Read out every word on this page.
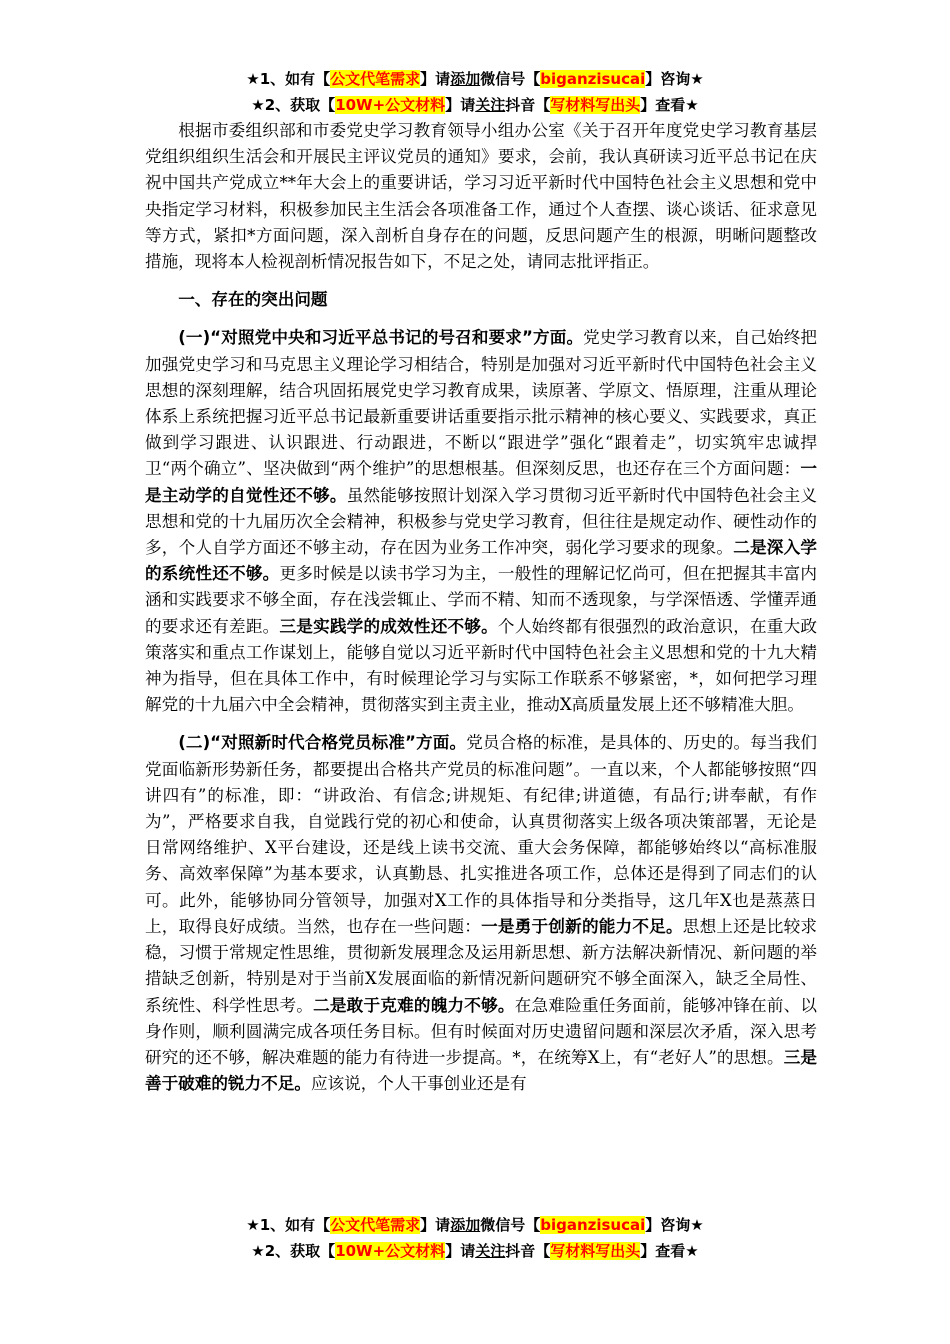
★1、如有【公文代笔需求】请添加微信号【biganzisucai】咨询★
★2、获取【10W+公文材料】请关注抖音【写材料写出头】查看★

根据市委组织部和市委党史学习教育领导小组办公室《关于召开年度党史学习教育基层党组织组织生活会和开展民主评议党员的通知》要求，会前，我认真研读习近平总书记在庆祝中国共产党成立**年大会上的重要讲话，学习习近平新时代中国特色社会主义思想和党中央指定学习材料，积极参加民主生活会各项准备工作，通过个人查摆、谈心谈话、征求意见等方式，紧扣*方面问题，深入剖析自身存在的问题，反思问题产生的根源，明晰问题整改措施，现将本人检视剖析情况报告如下，不足之处，请同志批评指正。

一、存在的突出问题

(一)“对照党中央和习近平总书记的号召和要求”方面。党史学习教育以来，自己始终把加强党史学习和马克思主义理论学习相结合，特别是加强对习近平新时代中国特色社会主义思想的深刻理解，结合巩固拓展党史学习教育成果，读原著、学原文、悟原理，注重从理论体系上系统把握习近平总书记最新重要讲话重要指示批示精神的核心要义、实践要求，真正做到学习跟进、认识跟进、行动跟进，不断以“跟进学”强化“跟着走”，切实筑牢忠诚捍卫“两个确立”、坚决做到“两个维护”的思想根基。但深刻反思，也还存在三个方面问题：一是主动学的自觉性还不够。虽然能够按照计划深入学习贯彻习近平新时代中国特色社会主义思想和党的十九届历次全会精神，积极参与党史学习教育，但往往是规定动作、硬性动作的多，个人自学方面还不够主动，存在因为业务工作冲突，弱化学习要求的现象。二是深入学的系统性还不够。更多时候是以读书学习为主，一般性的理解记忆尚可，但在把握其丰富内涵和实践要求不够全面，存在浅尝辄止、学而不精、知而不透现象，与学深悟透、学懂弄通的要求还有差距。三是实践学的成效性还不够。个人始终都有很强烈的政治意识，在重大政策落实和重点工作谋划上，能够自觉以习近平新时代中国特色社会主义思想和党的十九大精神为指导，但在具体工作中，有时候理论学习与实际工作联系不够紧密，*，如何把学习理解党的十九届六中全会精神，贯彻落实到主责主业，推动X高质量发展上还不够精准大胆。

(二)“对照新时代合格党员标准”方面。党员合格的标准，是具体的、历史的。每当我们党面临新形势新任务，都要提出合格共产党员的标准问题”。一直以来，个人都能够按照“四讲四有”的标准，即：“讲政治、有信念;讲规矩、有纪律;讲道德，有品行;讲奉献，有作为”，严格要求自我，自觉践行党的初心和使命，认真贯彻落实上级各项决策部署，无论是日常网络维护、X平台建设，还是线上读书交流、重大会务保障，都能够始终以“高标准服务、高效率保障”为基本要求，认真勤恳、扎实推进各项工作，总体还是得到了同志们的认可。此外，能够协同分管领导，加强对X工作的具体指导和分类指导，这几年X也是蒸蒸日上，取得良好成绩。当然，也存在一些问题：一是勇于创新的能力不足。思想上还是比较求稳，习惯于常规定性思维，贯彻新发展理念及运用新思想、新方法解决新情况、新问题的举措缺乏创新，特别是对于当前X发展面临的新情况新问题研究不够全面深入，缺乏全局性、系统性、科学性思考。二是敢于克难的魄力不够。在急难险重任务面前，能够冲锋在前、以身作则，顺利圆满完成各项任务目标。但有时候面对历史遗留问题和深层次矛盾，深入思考研究的还不够，解决难题的能力有待进一步提高。*，在统筹X上，有“老好人”的思想。三是善于破难的锐力不足。应该说，个人干事创业还是有

★1、如有【公文代笔需求】请添加微信号【biganzisucai】咨询★
★2、获取【10W+公文材料】请关注抖音【写材料写出头】查看★
